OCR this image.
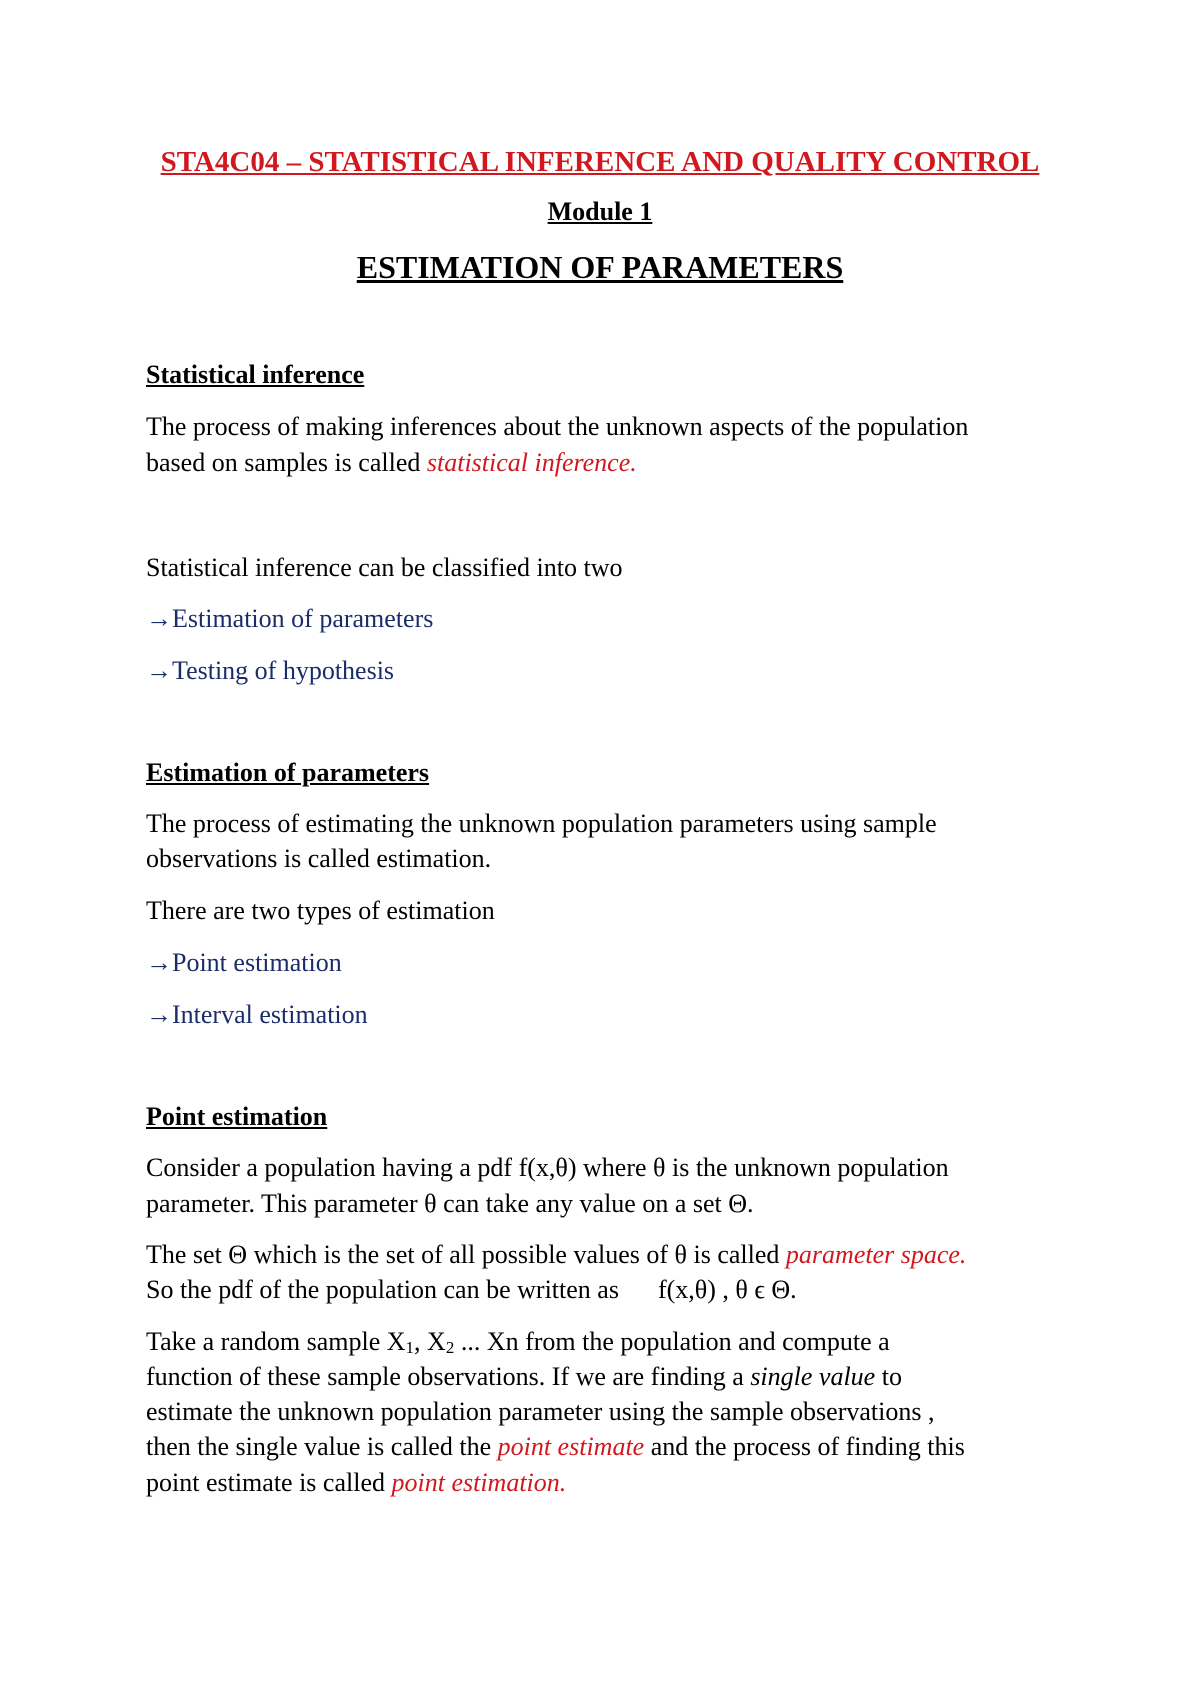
STA4C04 – STATISTICAL INFERENCE AND QUALITY CONTROL
Module 1
ESTIMATION OF PARAMETERS
Statistical inference
The process of making inferences about the unknown aspects of the population
based on samples is called statistical inference.
Statistical inference can be classified into two
→Estimation of parameters
→Testing of hypothesis
Estimation of parameters
The process of estimating the unknown population parameters using sample
observations is called estimation.
There are two types of estimation
→Point estimation
→Interval estimation
Point estimation
Consider a population having a pdf f(x,θ) where θ is the unknown population
parameter. This parameter θ can take any value on a set Θ.
The set Θ which is the set of all possible values of θ is called parameter space.
So the pdf of the population can be written as      f(x,θ) , θ ϵ Θ.
Take a random sample X1, X2 ... Xn from the population and compute a
function of these sample observations. If we are finding a single value to
estimate the unknown population parameter using the sample observations ,
then the single value is called the point estimate and the process of finding this
point estimate is called point estimation.
